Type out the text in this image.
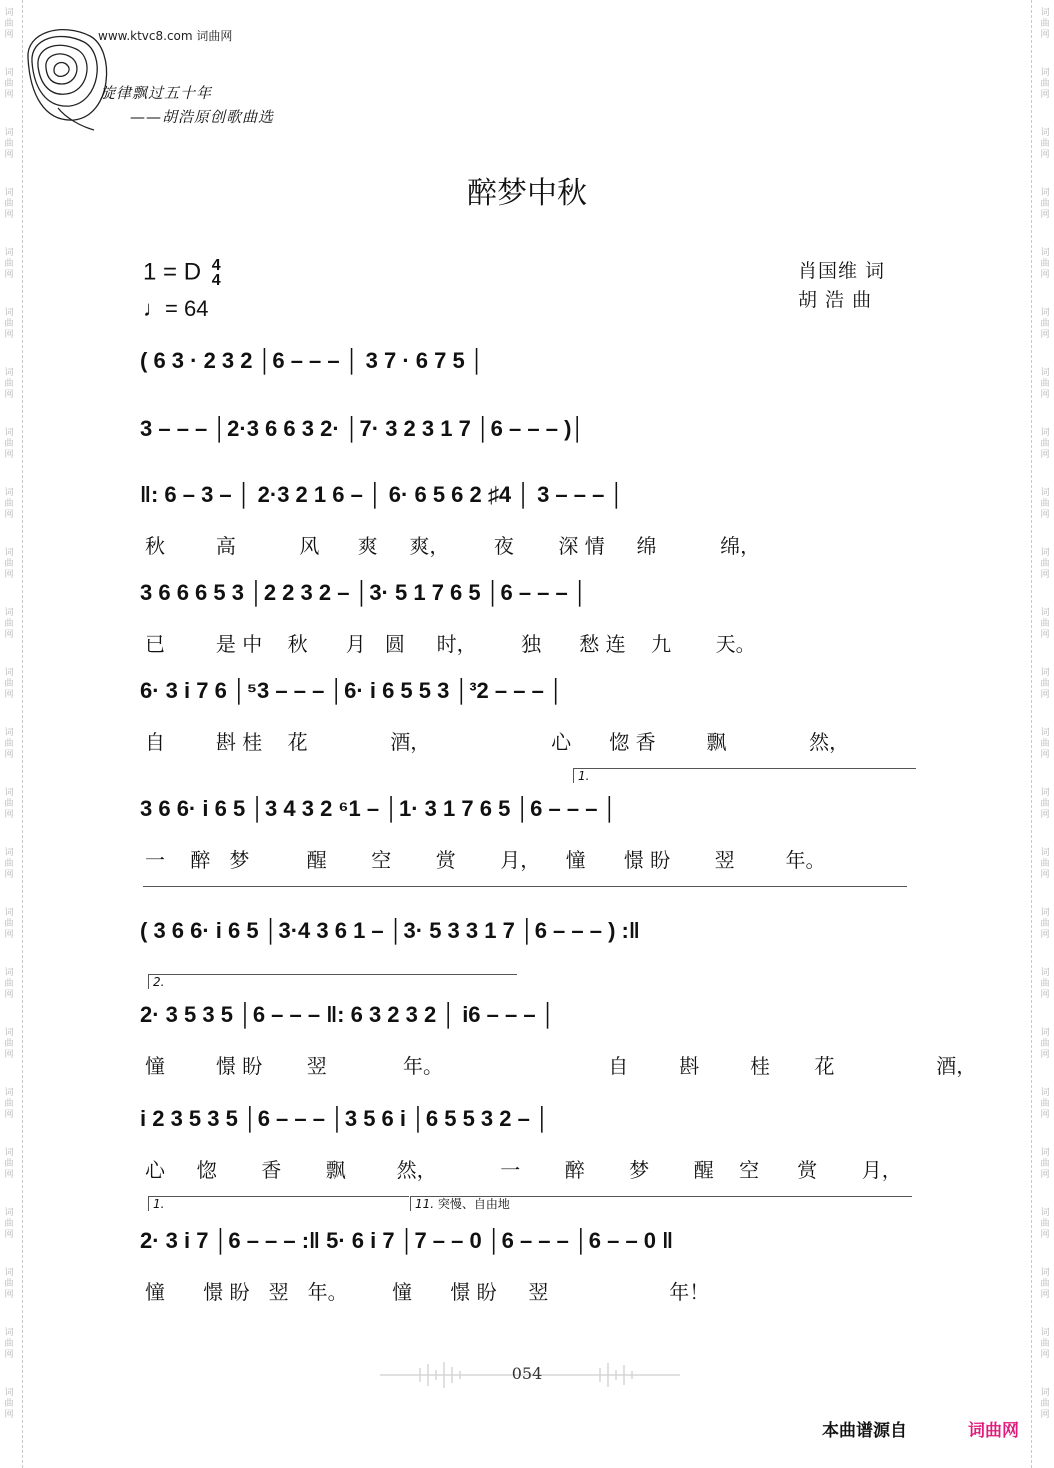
词
曲
网
词
曲
网
词
曲
网
词
曲
网
词
曲
网
词
曲
网
词
曲
网
词
曲
网
词
曲
网
词
曲
网
词
曲
网
词
曲
网
词
曲
网
词
曲
网
词
曲
网
词
曲
网
词
曲
网
词
曲
网
词
曲
网
词
曲
网
词
曲
网
词
曲
网
词
曲
网
词
曲
网
词
曲
网
词
曲
网
词
曲
网
词
曲
网
词
曲
网
词
曲
网
词
曲
网
词
曲
网
词
曲
网
词
曲
网
词
曲
网
词
曲
网
词
曲
网
词
曲
网
词
曲
网
词
曲
网
词
曲
网
词
曲
网
词
曲
网
词
曲
网
词
曲
网
词
曲
网
词
曲
网
词
曲
网
www.ktvc8.com 词曲网
旋律飘过五十年
——胡浩原创歌曲选
醉梦中秋
1 = D 4
4
♩= 64
肖国维 词
胡 浩 曲
( 6 3 · 2 3 2 │6 – – – │ 3 7 · 6 7 5 │
3 – – – │2·3 6 6 3 2· │7· 3 2 3 1 7 │6 – – – )│
‖: 6 – 3 – │ 2·3 2 1 6 – │ 6· 6 5 6 2 ♯4 │ 3 – – – │
秋        高          风      爽     爽，       夜       深 情     绵          绵，
3 6 6 6 5 3 │2 2 3 2 – │3· 5 1 7 6 5 │6 – – – │
已        是 中    秋      月   圆     时，       独      愁 连    九       天。
6· 3 i 7 6 │⁵3 – – – │6· i 6 5 5 3 │³2 – – – │
自        斟 桂    花             酒，                   心      惚 香        飘             然，
1.
3 6 6· i 6 5 │3 4 3 2 ⁶1 – │1· 3 1 7 6 5 │6 – – – │
一    醉   梦         醒       空       赏       月，    憧      憬 盼       翌        年。
( 3 6 6· i 6 5 │3·4 3 6 1 – │3· 5 3 3 1 7 │6 – – – ) :‖
2.
2· 3 5 3 5 │6 – – – ‖: 6 3 2 3 2 │ i6 – – – │
憧        憬 盼       翌            年。                          自        斟        桂       花                酒，
i 2 3 5 3 5 │6 – – – │3 5 6 i │6 5 5 3 2 – │
心     惚       香       飘        然，          一       醉       梦       醒    空      赏       月，
1.	11. 突慢、自由地
2· 3 i 7 │6 – – – :‖ 5· 6 i 7 │7 – – 0 │6 – – – │6 – – 0 ‖
憧      憬 盼   翌   年。       憧      憬 盼     翌                   年！
054
本曲谱源自	词曲网
